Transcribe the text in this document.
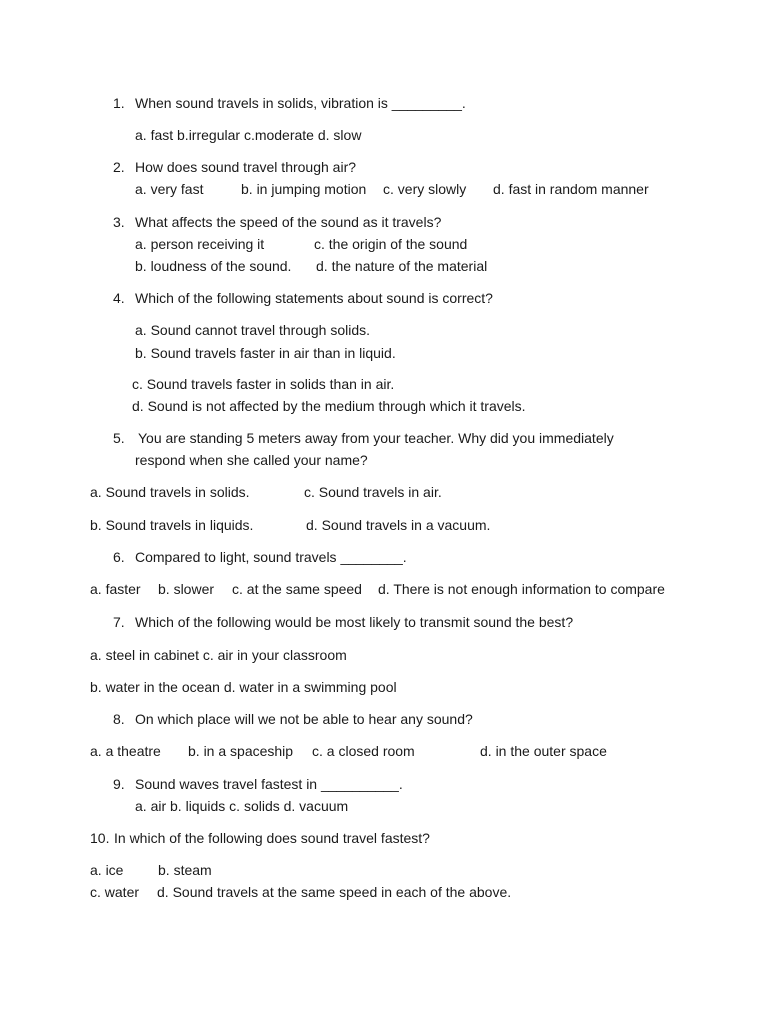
1. When sound travels in solids, vibration is _________.
a. fast b.irregular c.moderate d. slow
2. How does sound travel through air?
a. very fast	b. in jumping motion c. very slowly d. fast in random manner
3. What affects the speed of the sound as it travels?
a. person receiving it	c. the origin of the sound
b. loudness of the sound. d. the nature of the material
4. Which of the following statements about sound is correct?
a. Sound cannot travel through solids.
b. Sound travels faster in air than in liquid.
c. Sound travels faster in solids than in air.
d. Sound is not affected by the medium through which it travels.
5. You are standing 5 meters away from your teacher. Why did you immediately
respond when she called your name?
a. Sound travels in solids.	c. Sound travels in air.
b. Sound travels in liquids.	d. Sound travels in a vacuum.
6. Compared to light, sound travels ________.
a. faster b. slower c. at the same speed d. There is not enough information to compare
7. Which of the following would be most likely to transmit sound the best?
a. steel in cabinet c. air in your classroom
b. water in the ocean d. water in a swimming pool
8. On which place will we not be able to hear any sound?
a. a theatre b. in a spaceship c. a closed room	d. in the outer space
9. Sound waves travel fastest in __________.
a. air b. liquids c. solids d. vacuum
10. In which of the following does sound travel fastest?
a. ice b. steam
c. water d. Sound travels at the same speed in each of the above.
